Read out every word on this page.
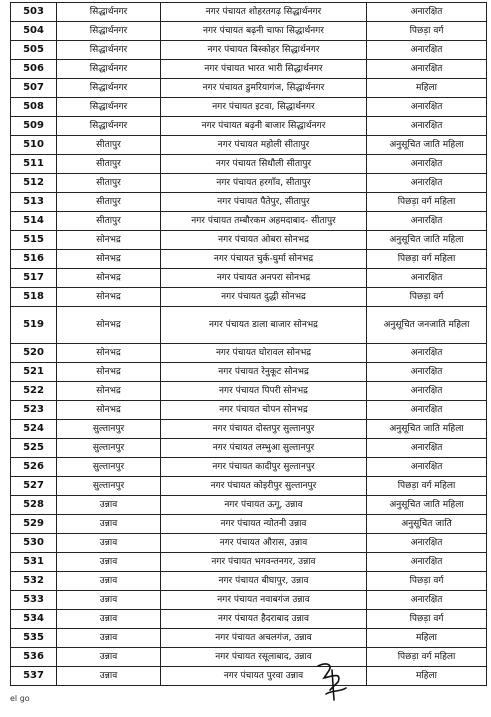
503	सिद्धार्थनगर	नगर पंचायत शोहरतगढ़ सिद्धार्थनगर	अनारक्षित
504	सिद्धार्थनगर	नगर पंचायत बढ़नी चाफा सिद्धार्थनगर	पिछड़ा वर्ग
505	सिद्धार्थनगर	नगर पंचायत बिस्कोहर सिद्धार्थनगर	अनारक्षित
506	सिद्धार्थनगर	नगर पंचायत भारत भारी सिद्धार्थनगर	अनारक्षित
507	सिद्धार्थनगर	नगर पंचायत डुमरियागंज, सिद्धार्थनगर	महिला
508	सिद्धार्थनगर	नगर पंचायत इटवा, सिद्धार्थनगर	अनारक्षित
509	सिद्धार्थनगर	नगर पंचायत बढ़नी बाजार सिद्धार्थनगर	अनारक्षित
510	सीतापुर	नगर पंचायत महोली सीतापुर	अनुसूचित जाति महिला
511	सीतापुर	नगर पंचायत सिधौली सीतापुर	अनारक्षित
512	सीतापुर	नगर पंचायत हरगाँव, सीतापुर	अनारक्षित
513	सीतापुर	नगर पंचायत पैतेपुर, सीतापुर	पिछड़ा वर्ग महिला
514	सीतापुर	नगर पंचायत तम्बौरकम अहमदाबाद- सीतापुर	अनारक्षित
515	सोनभद्र	नगर पंचायत ओबरा सोनभद्र	अनुसूचित जाति महिला
516	सोनभद्र	नगर पंचायत चुर्क-घुर्मा सोनभद्र	पिछड़ा वर्ग महिला
517	सोनभद्र	नगर पंचायत अनपरा सोनभद्र	अनारक्षित
518	सोनभद्र	नगर पंचायत दुद्धी सोनभद्र	पिछड़ा वर्ग
519	सोनभद्र	नगर पंचायत डाला बाजार सोनभद्र	अनुसूचित जनजाति महिला
520	सोनभद्र	नगर पंचायत घोरावल सोनभद्र	अनारक्षित
521	सोनभद्र	नगर पंचायत रेनुकूट सोनभद्र	अनारक्षित
522	सोनभद्र	नगर पंचायत पिपरी सोनभद्र	अनारक्षित
523	सोनभद्र	नगर पंचायत चोपन सोनभद्र	अनारक्षित
524	सुल्तानपुर	नगर पंचायत दोस्तपुर सुल्तानपुर	अनुसूचित जाति महिला
525	सुल्तानपुर	नगर पंचायत लम्भुआ सुल्तानपुर	अनारक्षित
526	सुल्तानपुर	नगर पंचायत कादीपुर सुल्तानपुर	अनारक्षित
527	सुल्तानपुर	नगर पंचायत कोइरीपुर सुल्तानपुर	पिछड़ा वर्ग महिला
528	उन्नाव	नगर पंचायत ऊगू, उन्नाव	अनुसूचित जाति महिला
529	उन्नाव	नगर पंचायत न्योतनी उन्नाव	अनुसूचित जाति
530	उन्नाव	नगर पंचायत औरास, उन्नाव	अनारक्षित
531	उन्नाव	नगर पंचायत भगवन्तनगर, उन्नाव	अनारक्षित
532	उन्नाव	नगर पंचायत बीघापुर, उन्नाव	पिछड़ा वर्ग
533	उन्नाव	नगर पंचायत नवाबगंज उन्नाव	अनारक्षित
534	उन्नाव	नगर पंचायत हैदराबाद उन्नाव	पिछड़ा वर्ग
535	उन्नाव	नगर पंचायत अचलगंज, उन्नाव	महिला
536	उन्नाव	नगर पंचायत रसूलाबाद, उन्नाव	पिछड़ा वर्ग महिला
537	उन्नाव	नगर पंचायत पुरवा उन्नाव	महिला
el go
